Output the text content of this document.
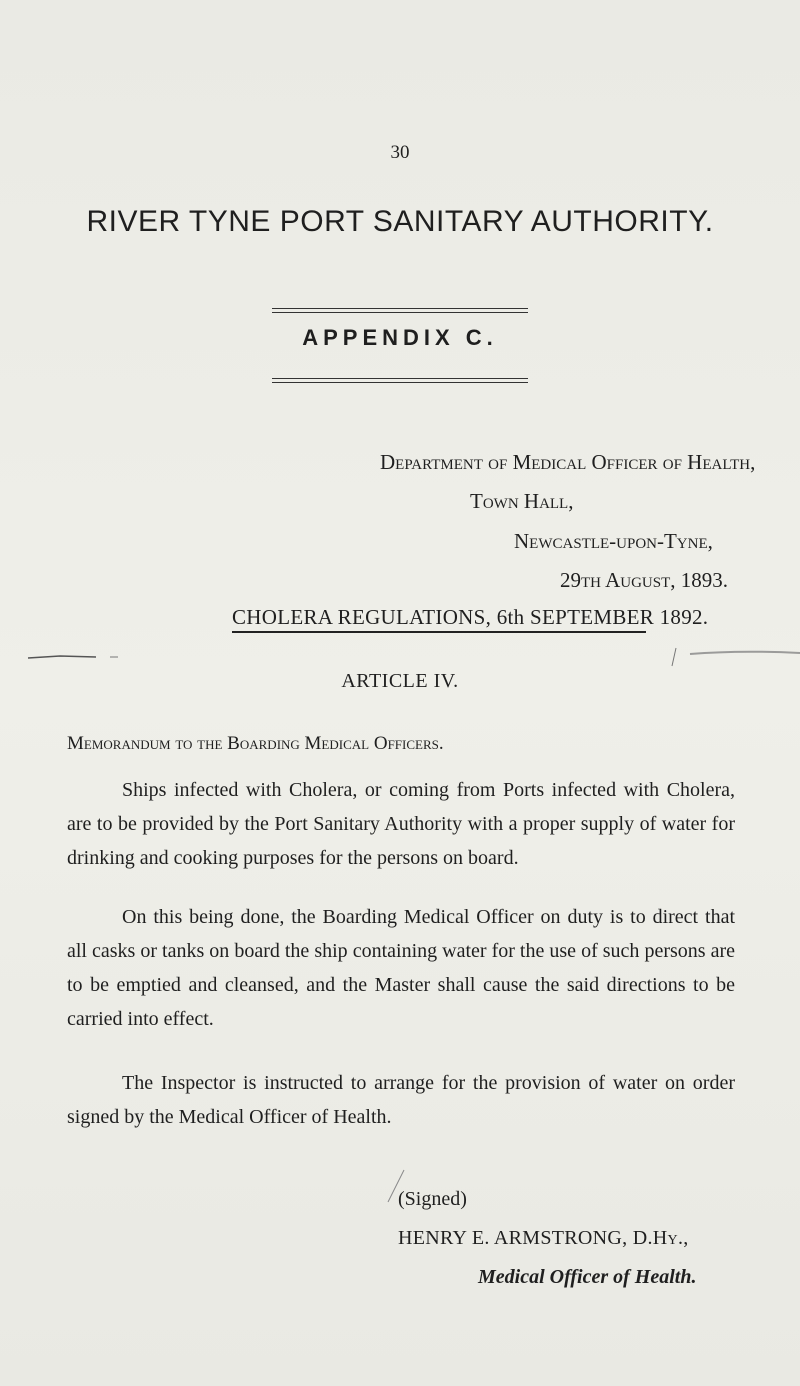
30
RIVER TYNE PORT SANITARY AUTHORITY.
APPENDIX C.
Department of Medical Officer of Health,
Town Hall,
Newcastle-upon-Tyne,
29th August, 1893.
CHOLERA REGULATIONS, 6th SEPTEMBER 1892.
ARTICLE IV.
Memorandum to the Boarding Medical Officers.
Ships infected with Cholera, or coming from Ports infected with Cholera, are to be provided by the Port Sanitary Authority with a proper supply of water for drinking and cooking purposes for the persons on board.
On this being done, the Boarding Medical Officer on duty is to direct that all casks or tanks on board the ship containing water for the use of such persons are to be emptied and cleansed, and the Master shall cause the said directions to be carried into effect.
The Inspector is instructed to arrange for the provision of water on order signed by the Medical Officer of Health.
(Signed)
HENRY E. ARMSTRONG, D.Hy.,
Medical Officer of Health.
